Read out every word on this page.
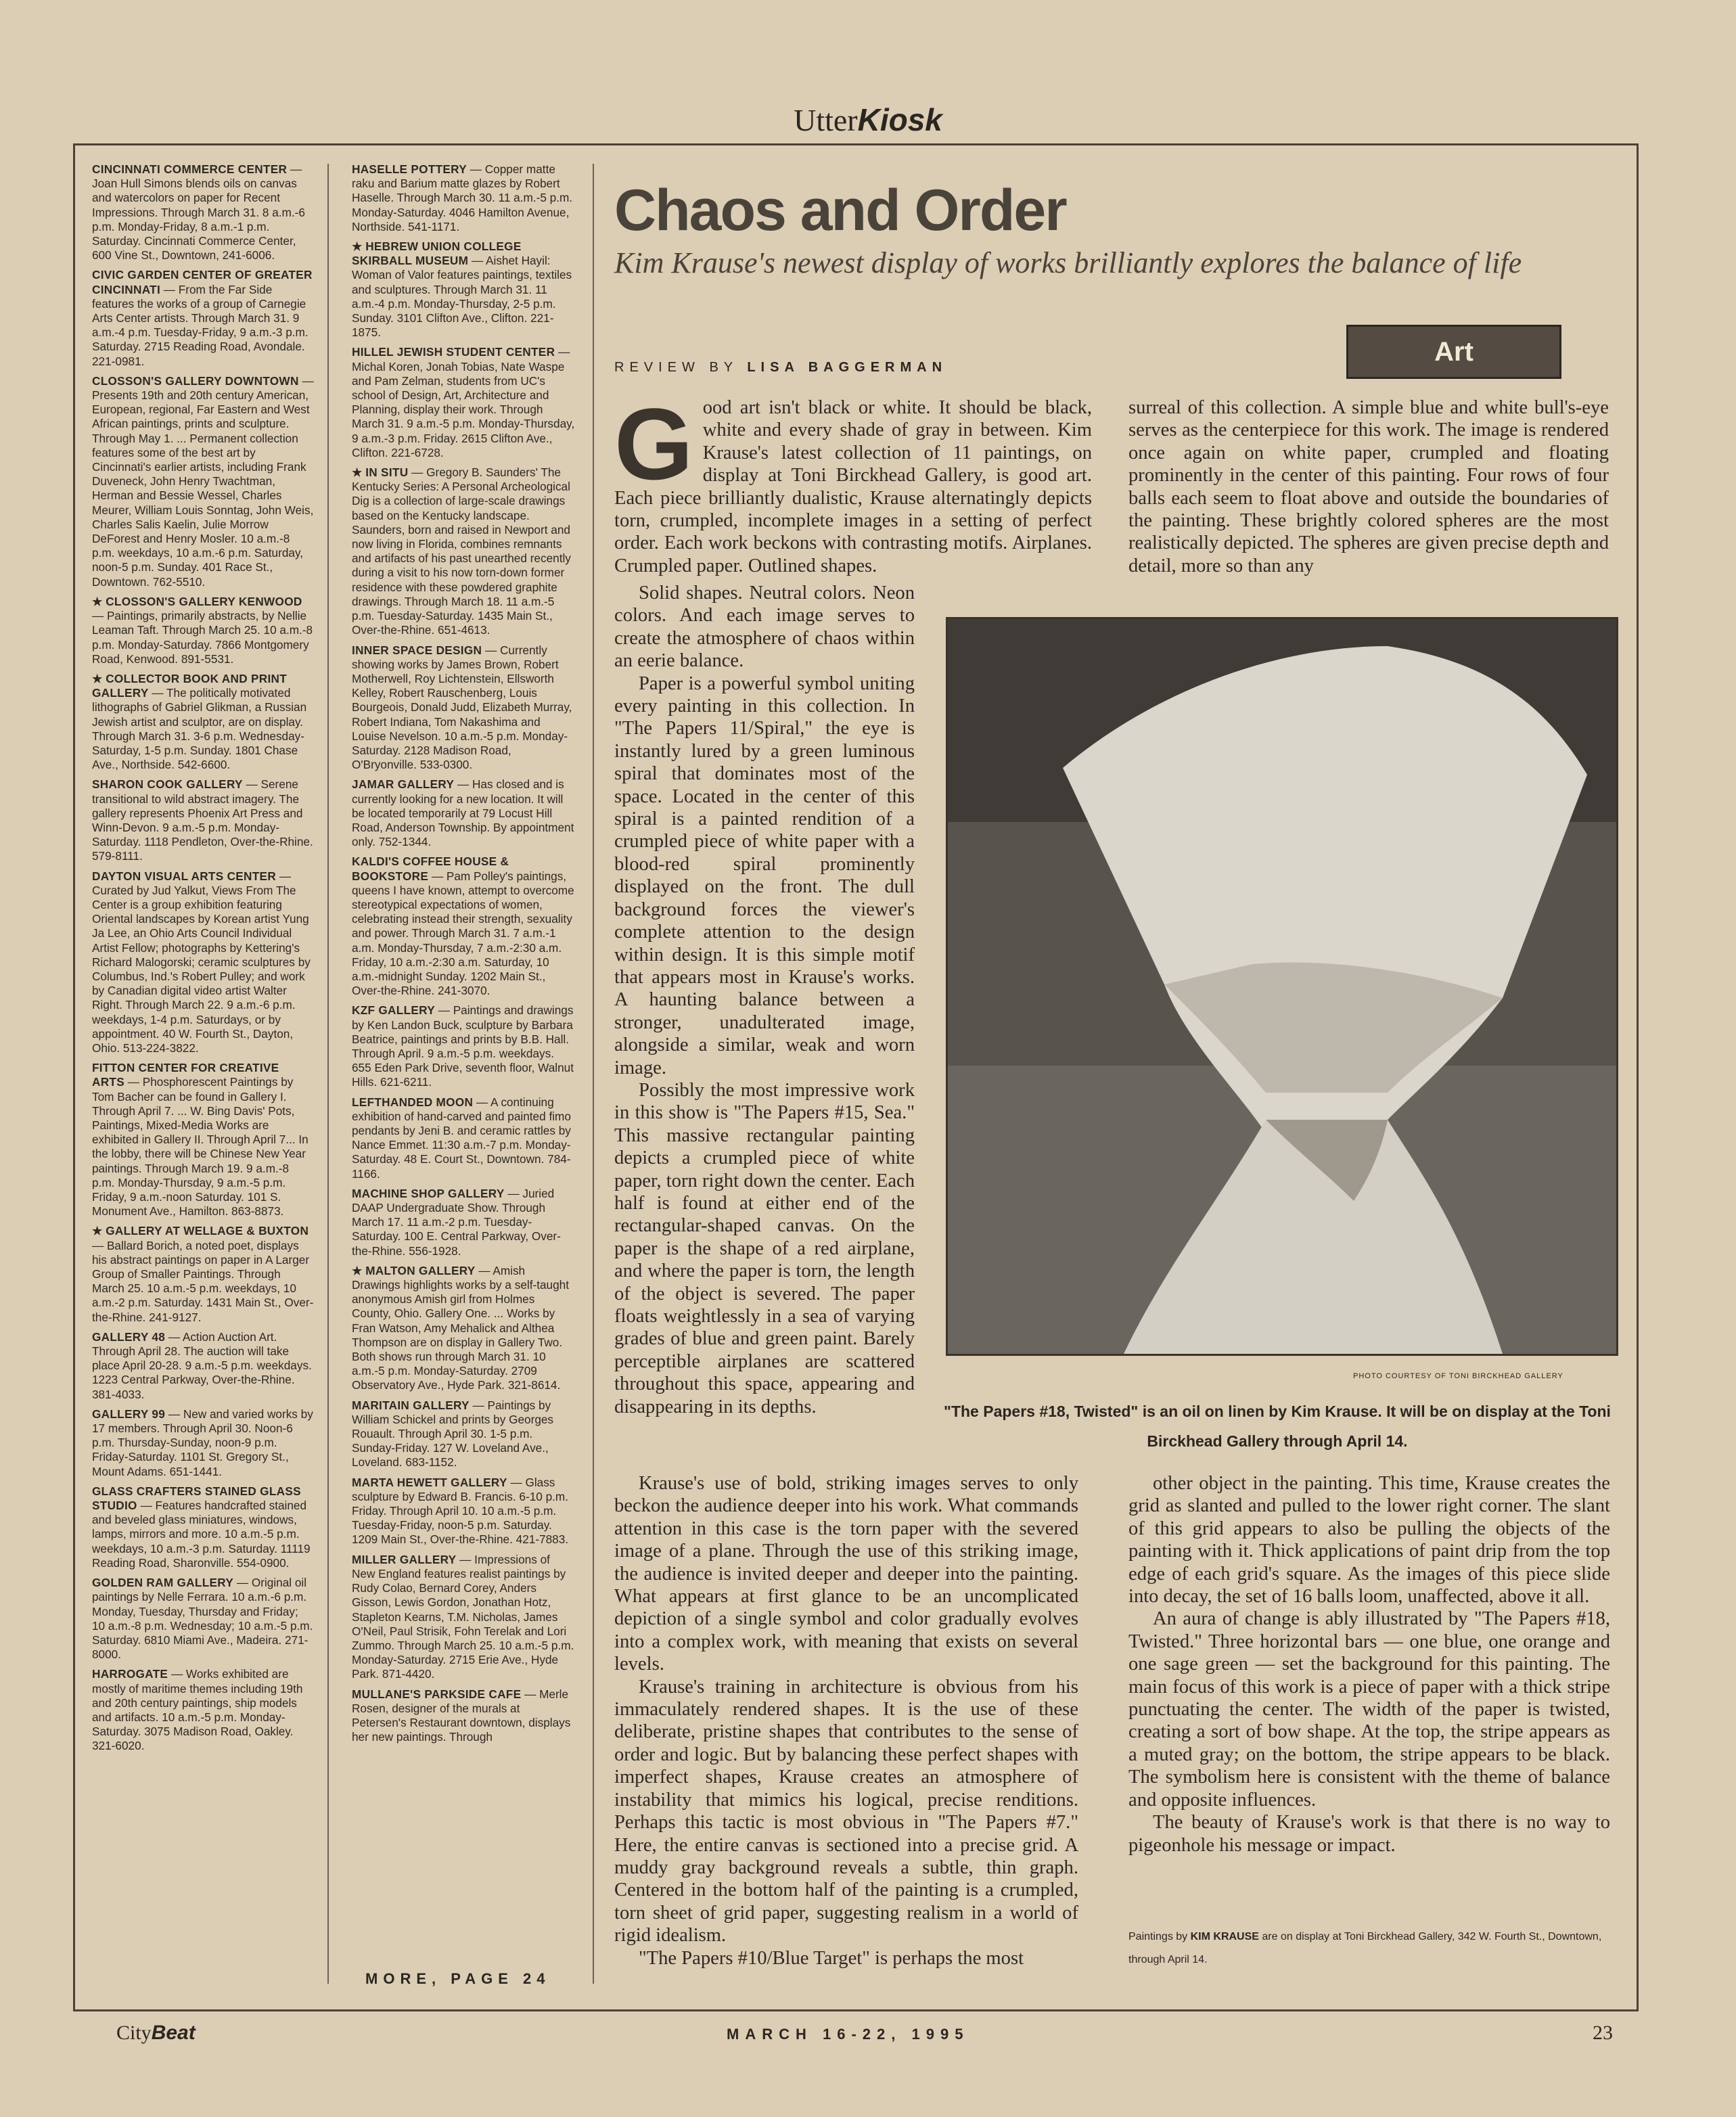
UtterKiosk
CINCINNATI COMMERCE CENTER — Joan Hull Simons blends oils on canvas and watercolors on paper for Recent Impressions. Through March 31. 8 a.m.-6 p.m. Monday-Friday, 8 a.m.-1 p.m. Saturday. Cincinnati Commerce Center, 600 Vine St., Downtown, 241-6006.
CIVIC GARDEN CENTER OF GREATER CINCINNATI — From the Far Side features the works of a group of Carnegie Arts Center artists. Through March 31. 9 a.m.-4 p.m. Tuesday-Friday, 9 a.m.-3 p.m. Saturday. 2715 Reading Road, Avondale. 221-0981.
CLOSSON'S GALLERY DOWNTOWN — Presents 19th and 20th century American, European, regional, Far Eastern and West African paintings, prints and sculpture. Through May 1. ... Permanent collection features some of the best art by Cincinnati's earlier artists, including Frank Duveneck, John Henry Twachtman, Herman and Bessie Wessel, Charles Meurer, William Louis Sonntag, John Weis, Charles Salis Kaelin, Julie Morrow DeForest and Henry Mosler. 10 a.m.-8 p.m. weekdays, 10 a.m.-6 p.m. Saturday, noon-5 p.m. Sunday. 401 Race St., Downtown. 762-5510.
★ CLOSSON'S GALLERY KENWOOD — Paintings, primarily abstracts, by Nellie Leaman Taft. Through March 25. 10 a.m.-8 p.m. Monday-Saturday. 7866 Montgomery Road, Kenwood. 891-5531.
★ COLLECTOR BOOK AND PRINT GALLERY — The politically motivated lithographs of Gabriel Glikman, a Russian Jewish artist and sculptor, are on display. Through March 31. 3-6 p.m. Wednesday-Saturday, 1-5 p.m. Sunday. 1801 Chase Ave., Northside. 542-6600.
SHARON COOK GALLERY — Serene transitional to wild abstract imagery. The gallery represents Phoenix Art Press and Winn-Devon. 9 a.m.-5 p.m. Monday-Saturday. 1118 Pendleton, Over-the-Rhine. 579-8111.
DAYTON VISUAL ARTS CENTER — Curated by Jud Yalkut, Views From The Center is a group exhibition featuring Oriental landscapes by Korean artist Yung Ja Lee, an Ohio Arts Council Individual Artist Fellow; photographs by Kettering's Richard Malogorski; ceramic sculptures by Columbus, Ind.'s Robert Pulley; and work by Canadian digital video artist Walter Right. Through March 22. 9 a.m.-6 p.m. weekdays, 1-4 p.m. Saturdays, or by appointment. 40 W. Fourth St., Dayton, Ohio. 513-224-3822.
FITTON CENTER FOR CREATIVE ARTS — Phosphorescent Paintings by Tom Bacher can be found in Gallery I. Through April 7. ... W. Bing Davis' Pots, Paintings, Mixed-Media Works are exhibited in Gallery II. Through April 7... In the lobby, there will be Chinese New Year paintings. Through March 19. 9 a.m.-8 p.m. Monday-Thursday, 9 a.m.-5 p.m. Friday, 9 a.m.-noon Saturday. 101 S. Monument Ave., Hamilton. 863-8873.
★ GALLERY AT WELLAGE & BUXTON — Ballard Borich, a noted poet, displays his abstract paintings on paper in A Larger Group of Smaller Paintings. Through March 25. 10 a.m.-5 p.m. weekdays, 10 a.m.-2 p.m. Saturday. 1431 Main St., Over-the-Rhine. 241-9127.
GALLERY 48 — Action Auction Art. Through April 28. The auction will take place April 20-28. 9 a.m.-5 p.m. weekdays. 1223 Central Parkway, Over-the-Rhine. 381-4033.
GALLERY 99 — New and varied works by 17 members. Through April 30. Noon-6 p.m. Thursday-Sunday, noon-9 p.m. Friday-Saturday. 1101 St. Gregory St., Mount Adams. 651-1441.
GLASS CRAFTERS STAINED GLASS STUDIO — Features handcrafted stained and beveled glass miniatures, windows, lamps, mirrors and more. 10 a.m.-5 p.m. weekdays, 10 a.m.-3 p.m. Saturday. 11119 Reading Road, Sharonville. 554-0900.
GOLDEN RAM GALLERY — Original oil paintings by Nelle Ferrara. 10 a.m.-6 p.m. Monday, Tuesday, Thursday and Friday; 10 a.m.-8 p.m. Wednesday; 10 a.m.-5 p.m. Saturday. 6810 Miami Ave., Madeira. 271-8000.
HARROGATE — Works exhibited are mostly of maritime themes including 19th and 20th century paintings, ship models and artifacts. 10 a.m.-5 p.m. Monday-Saturday. 3075 Madison Road, Oakley. 321-6020.
HASELLE POTTERY — Copper matte raku and Barium matte glazes by Robert Haselle. Through March 30. 11 a.m.-5 p.m. Monday-Saturday. 4046 Hamilton Avenue, Northside. 541-1171.
★ HEBREW UNION COLLEGE SKIRBALL MUSEUM — Aishet Hayil: Woman of Valor features paintings, textiles and sculptures. Through March 31. 11 a.m.-4 p.m. Monday-Thursday, 2-5 p.m. Sunday. 3101 Clifton Ave., Clifton. 221-1875.
HILLEL JEWISH STUDENT CENTER — Michal Koren, Jonah Tobias, Nate Waspe and Pam Zelman, students from UC's school of Design, Art, Architecture and Planning, display their work. Through March 31. 9 a.m.-5 p.m. Monday-Thursday, 9 a.m.-3 p.m. Friday. 2615 Clifton Ave., Clifton. 221-6728.
★ IN SITU — Gregory B. Saunders' The Kentucky Series: A Personal Archeological Dig is a collection of large-scale drawings based on the Kentucky landscape. Saunders, born and raised in Newport and now living in Florida, combines remnants and artifacts of his past unearthed recently during a visit to his now torn-down former residence with these powdered graphite drawings. Through March 18. 11 a.m.-5 p.m. Tuesday-Saturday. 1435 Main St., Over-the-Rhine. 651-4613.
INNER SPACE DESIGN — Currently showing works by James Brown, Robert Motherwell, Roy Lichtenstein, Ellsworth Kelley, Robert Rauschenberg, Louis Bourgeois, Donald Judd, Elizabeth Murray, Robert Indiana, Tom Nakashima and Louise Nevelson. 10 a.m.-5 p.m. Monday-Saturday. 2128 Madison Road, O'Bryonville. 533-0300.
JAMAR GALLERY — Has closed and is currently looking for a new location. It will be located temporarily at 79 Locust Hill Road, Anderson Township. By appointment only. 752-1344.
KALDI'S COFFEE HOUSE & BOOKSTORE — Pam Polley's paintings, queens I have known, attempt to overcome stereotypical expectations of women, celebrating instead their strength, sexuality and power. Through March 31. 7 a.m.-1 a.m. Monday-Thursday, 7 a.m.-2:30 a.m. Friday, 10 a.m.-2:30 a.m. Saturday, 10 a.m.-midnight Sunday. 1202 Main St., Over-the-Rhine. 241-3070.
KZF GALLERY — Paintings and drawings by Ken Landon Buck, sculpture by Barbara Beatrice, paintings and prints by B.B. Hall. Through April. 9 a.m.-5 p.m. weekdays. 655 Eden Park Drive, seventh floor, Walnut Hills. 621-6211.
LEFTHANDED MOON — A continuing exhibition of hand-carved and painted fimo pendants by Jeni B. and ceramic rattles by Nance Emmet. 11:30 a.m.-7 p.m. Monday-Saturday. 48 E. Court St., Downtown. 784-1166.
MACHINE SHOP GALLERY — Juried DAAP Undergraduate Show. Through March 17. 11 a.m.-2 p.m. Tuesday-Saturday. 100 E. Central Parkway, Over-the-Rhine. 556-1928.
★ MALTON GALLERY — Amish Drawings highlights works by a self-taught anonymous Amish girl from Holmes County, Ohio. Gallery One. ... Works by Fran Watson, Amy Mehalick and Althea Thompson are on display in Gallery Two. Both shows run through March 31. 10 a.m.-5 p.m. Monday-Saturday. 2709 Observatory Ave., Hyde Park. 321-8614.
MARITAIN GALLERY — Paintings by William Schickel and prints by Georges Rouault. Through April 30. 1-5 p.m. Sunday-Friday. 127 W. Loveland Ave., Loveland. 683-1152.
MARTA HEWETT GALLERY — Glass sculpture by Edward B. Francis. 6-10 p.m. Friday. Through April 10. 10 a.m.-5 p.m. Tuesday-Friday, noon-5 p.m. Saturday. 1209 Main St., Over-the-Rhine. 421-7883.
MILLER GALLERY — Impressions of New England features realist paintings by Rudy Colao, Bernard Corey, Anders Gisson, Lewis Gordon, Jonathan Hotz, Stapleton Kearns, T.M. Nicholas, James O'Neil, Paul Strisik, Fohn Terelak and Lori Zummo. Through March 25. 10 a.m.-5 p.m. Monday-Saturday. 2715 Erie Ave., Hyde Park. 871-4420.
MULLANE'S PARKSIDE CAFE — Merle Rosen, designer of the murals at Petersen's Restaurant downtown, displays her new paintings. Through
MORE, PAGE 24
Chaos and Order
Kim Krause's newest display of works brilliantly explores the balance of life
REVIEW BY LISA BAGGERMAN
Art

Good art isn't black or white. It should be black, white and every shade of gray in between. Kim Krause's latest collection of 11 paintings, on display at Toni Birckhead Gallery, is good art. Each piece brilliantly dualistic, Krause alternatingly depicts torn, crumpled, incomplete images in a setting of perfect order. Each work beckons with contrasting motifs. Airplanes. Crumpled paper. Outlined shapes.

Solid shapes. Neutral colors. Neon colors. And each image serves to create the atmosphere of chaos within an eerie balance.

Paper is a powerful symbol uniting every painting in this collection. In "The Papers 11/Spiral," the eye is instantly lured by a green luminous spiral that dominates most of the space. Located in the center of this spiral is a painted rendition of a crumpled piece of white paper with a blood-red spiral prominently displayed on the front. The dull background forces the viewer's complete attention to the design within design. It is this simple motif that appears most in Krause's works. A haunting balance between a stronger, unadulterated image, alongside a similar, weak and worn image.

Possibly the most impressive work in this show is "The Papers #15, Sea." This massive rectangular painting depicts a crumpled piece of white paper, torn right down the center. Each half is found at either end of the rectangular-shaped canvas. On the paper is the shape of a red airplane, and where the paper is torn, the length of the object is severed. The paper floats weightlessly in a sea of varying grades of blue and green paint. Barely perceptible airplanes are scattered throughout this space, appearing and disappearing in its depths.

Krause's use of bold, striking images serves to only beckon the audience deeper into his work. What commands attention in this case is the torn paper with the severed image of a plane. Through the use of this striking image, the audience is invited deeper and deeper into the painting. What appears at first glance to be an uncomplicated depiction of a single symbol and color gradually evolves into a complex work, with meaning that exists on several levels.

Krause's training in architecture is obvious from his immaculately rendered shapes. It is the use of these deliberate, pristine shapes that contributes to the sense of order and logic. But by balancing these perfect shapes with imperfect shapes, Krause creates an atmosphere of instability that mimics his logical, precise renditions. Perhaps this tactic is most obvious in "The Papers #7." Here, the entire canvas is sectioned into a precise grid. A muddy gray background reveals a subtle, thin graph. Centered in the bottom half of the painting is a crumpled, torn sheet of grid paper, suggesting realism in a world of rigid idealism.

"The Papers #10/Blue Target" is perhaps the most

surreal of this collection. A simple blue and white bull's-eye serves as the centerpiece for this work. The image is rendered once again on white paper, crumpled and floating prominently in the center of this painting. Four rows of four balls each seem to float above and outside the boundaries of the painting. These brightly colored spheres are the most realistically depicted. The spheres are given precise depth and detail, more so than any

other object in the painting. This time, Krause creates the grid as slanted and pulled to the lower right corner. The slant of this grid appears to also be pulling the objects of the painting with it. Thick applications of paint drip from the top edge of each grid's square. As the images of this piece slide into decay, the set of 16 balls loom, unaffected, above it all.

An aura of change is ably illustrated by "The Papers #18, Twisted." Three horizontal bars — one blue, one orange and one sage green — set the background for this painting. The main focus of this work is a piece of paper with a thick stripe punctuating the center. The width of the paper is twisted, creating a sort of bow shape. At the top, the stripe appears as a muted gray; on the bottom, the stripe appears to be black. The symbolism here is consistent with the theme of balance and opposite influences.

The beauty of Krause's work is that there is no way to pigeonhole his message or impact.

PHOTO COURTESY OF TONI BIRCKHEAD GALLERY
"The Papers #18, Twisted" is an oil on linen by Kim Krause. It will be on display at the Toni Birckhead Gallery through April 14.
Paintings by KIM KRAUSE are on display at Toni Birckhead Gallery, 342 W. Fourth St., Downtown, through April 14.
CityBeat	MARCH 16-22, 1995	23
